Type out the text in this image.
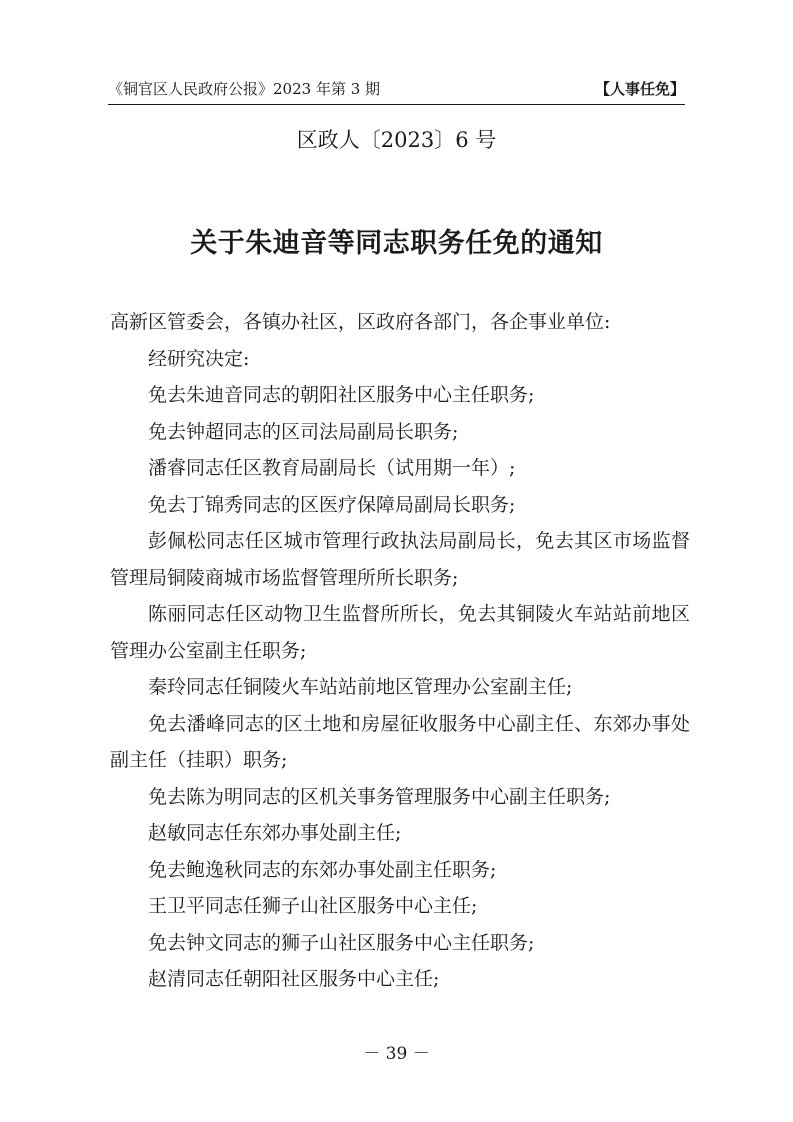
《铜官区人民政府公报》2023 年第 3 期	【人事任免】
区政人〔2023〕6 号
关于朱迪音等同志职务任免的通知

高新区管委会，各镇办社区，区政府各部门，各企事业单位:

经研究决定:

免去朱迪音同志的朝阳社区服务中心主任职务;

免去钟超同志的区司法局副局长职务;

潘睿同志任区教育局副局长（试用期一年）;

免去丁锦秀同志的区医疗保障局副局长职务;

彭佩松同志任区城市管理行政执法局副局长，免去其区市场监督管理局铜陵商城市场监督管理所所长职务;

陈丽同志任区动物卫生监督所所长，免去其铜陵火车站站前地区管理办公室副主任职务;

秦玲同志任铜陵火车站站前地区管理办公室副主任;

免去潘峰同志的区土地和房屋征收服务中心副主任、东郊办事处副主任（挂职）职务;

免去陈为明同志的区机关事务管理服务中心副主任职务;

赵敏同志任东郊办事处副主任;

免去鲍逸秋同志的东郊办事处副主任职务;

王卫平同志任狮子山社区服务中心主任;

免去钟文同志的狮子山社区服务中心主任职务;

赵清同志任朝阳社区服务中心主任;

－ 39 －
